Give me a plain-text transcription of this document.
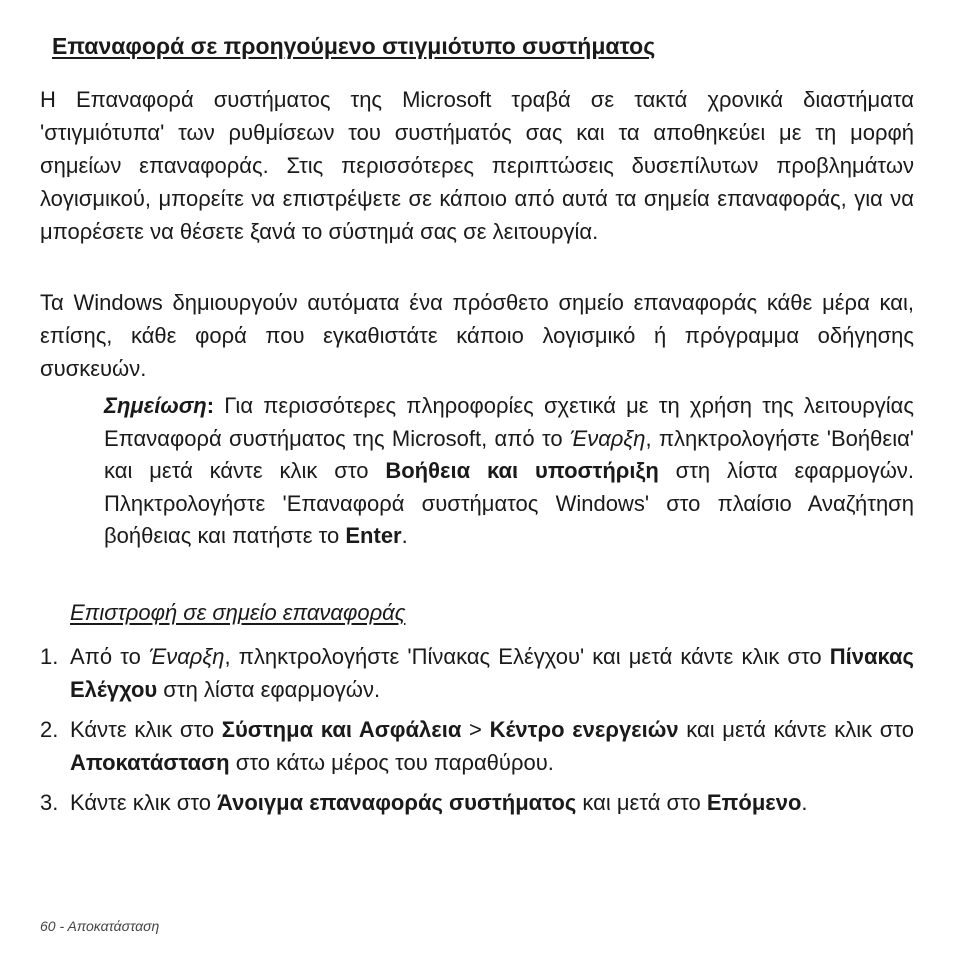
Επαναφορά σε προηγούμενο στιγμιότυπο συστήματος

Η Επαναφορά συστήματος της Microsoft τραβά σε τακτά χρονικά διαστήματα 'στιγμιότυπα' των ρυθμίσεων του συστήματός σας και τα αποθηκεύει με τη μορφή σημείων επαναφοράς. Στις περισσότερες περιπτώσεις δυσεπίλυτων προβλημάτων λογισμικού, μπορείτε να επιστρέψετε σε κάποιο από αυτά τα σημεία επαναφοράς, για να μπορέσετε να θέσετε ξανά το σύστημά σας σε λειτουργία.

Τα Windows δημιουργούν αυτόματα ένα πρόσθετο σημείο επαναφοράς κάθε μέρα και, επίσης, κάθε φορά που εγκαθιστάτε κάποιο λογισμικό ή πρόγραμμα οδήγησης συσκευών.

Σημείωση: Για περισσότερες πληροφορίες σχετικά με τη χρήση της λειτουργίας Επαναφορά συστήματος της Microsoft, από το Έναρξη, πληκτρολογήστε 'Βοήθεια' και μετά κάντε κλικ στο Βοήθεια και υποστήριξη στη λίστα εφαρμογών. Πληκτρολογήστε 'Επαναφορά συστήματος Windows' στο πλαίσιο Αναζήτηση βοήθειας και πατήστε το Enter.

Επιστροφή σε σημείο επαναφοράς

1. Από το Έναρξη, πληκτρολογήστε 'Πίνακας Ελέγχου' και μετά κάντε κλικ στο Πίνακας Ελέγχου στη λίστα εφαρμογών.
2. Κάντε κλικ στο Σύστημα και Ασφάλεια > Κέντρο ενεργειών και μετά κάντε κλικ στο Αποκατάσταση στο κάτω μέρος του παραθύρου.
3. Κάντε κλικ στο Άνοιγμα επαναφοράς συστήματος και μετά στο Επόμενο.

60 - Αποκατάσταση
